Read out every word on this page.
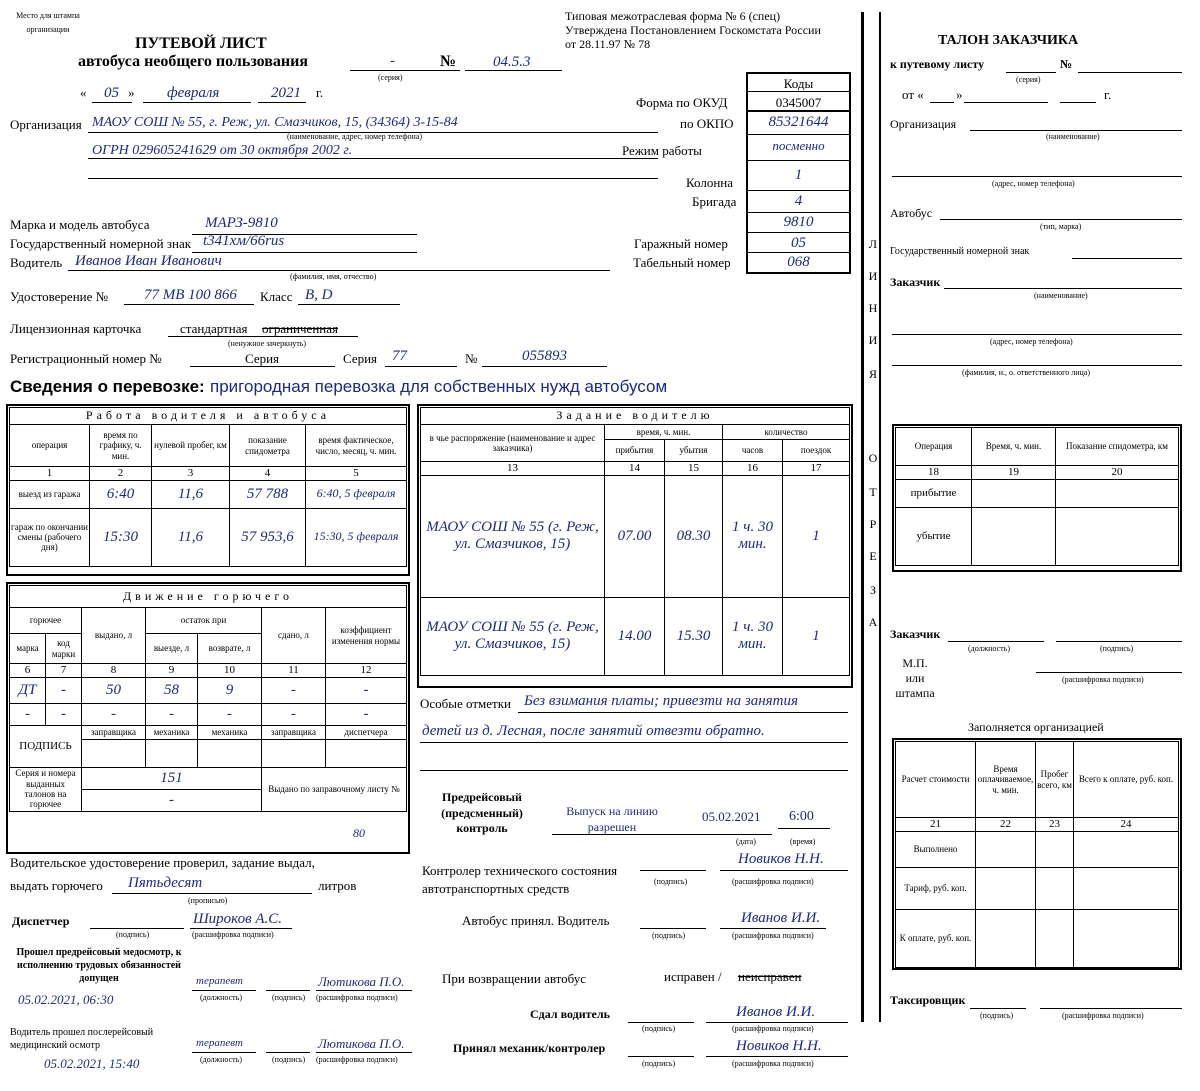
Место для штампа
организации
Типовая межотраслевая форма № 6 (спец)
Утверждена Постановлением Госкомстата России
от 28.11.97 № 78
ПУТЕВОЙ ЛИСТ
автобуса необщего пользования	-
(серия)
№ 04.5.3
« 05 » февраля	2021 г.
Коды
Форма по ОКУД	0345007
по ОКПО	85321644
Режим работы	посменно
Колонна	1
Бригада	4
9810
Гаражный номер	05
Табельный номер	068
Организация МАОУ СОШ № 55, г. Реж, ул. Смазчиков, 15, (34364) 3-15-84
(наименование, адрес, номер телефона)
ОГРН 029605241629 от 30 октября 2002 г.
Марка и модель автобуса	МАРЗ-9810
Государственный номерной знак t341хм/66rus
Водитель Иванов Иван Иванович
(фамилия, имя, отчество)
Удостоверение № 77 МВ 100 866 Класс B, D
Лицензионная карточка	стандартная ограниченная
(ненужное зачеркнуть)
Регистрационный номер №	Серия	Серия 77	№	055893
Сведения о перевозке: пригородная перевозка для собственных нужд автобусом
Работа водителя и автобуса				
операция	время по графику, ч. мин.	нулевой пробег, км	показание спидометра	время фактическое, число, месяц, ч. мин.
1	2	3	4	5
выезд из гаража	6:40	11,6	57 788	6:40, 5 февраля
гараж по окончании смены (рабочего дня)	15:30	11,6	57 953,6	15:30, 5 февраля
Задание водителю				
в чье распоряжение (наименование и адрес заказчика)	время, ч. мин.		количество	
	прибытия	убытия	часов	поездок
13	14	15	16	17
МАОУ СОШ № 55 (г. Реж, ул. Смазчиков, 15)	07.00	08.30	1 ч. 30 мин.	1
МАОУ СОШ № 55 (г. Реж, ул. Смазчиков, 15)	14.00	15.30	1 ч. 30 мин.	1
Движение горючего						
горючее		выдано, л	остаток при		сдано, л	коэффициент изменения нормы
марка	код марки		выезде, л	возврате, л		
6	7	8	9	10	11	12
ДТ	-	50	58	9	-	-
-	-	-	-	-	-	-
ПОДПИСЬ		заправщика	механика	механика	заправщика	диспетчера

Серия и номера выданных талонов на горючее		151			Выдано по заправочному листу №	
		-				
80
Особые отметки Без взимания платы; привезти на занятия
детей из д. Лесная, после занятий отвезти обратно.
Предрейсовый (предсменный) контроль
Выпуск на линию разрешен
05.02.2021 6:00
(дата)	(время)
Контролер технического состояния автотранспортных средств	(подпись)
Новиков Н.Н.
(расшифровка подписи)
Автобус принял. Водитель
(подпись)
Иванов И.И.
(расшифровка подписи)
При возвращении автобус	исправен / неисправен
Сдал водитель
(подпись)
Иванов И.И.
(расшифровка подписи)
Принял механик/контролер
(подпись)
Новиков Н.Н.
(расшифровка подписи)
Водительское удостоверение проверил, задание выдал,
выдать горючего Пятьдесят	литров
(прописью)
Диспетчер
(подпись)
Широков А.С.
(расшифровка подписи)
Прошел предрейсовый медосмотр, к исполнению трудовых обязанностей допущен
05.02.2021, 06:30
терапевт
(должность)	(подпись)
Лютикова П.О.
(расшифровка подписи)
Водитель прошел послерейсовый медицинский осмотр
05.02.2021, 15:40
терапевт
(должность)	(подпись)
Лютикова П.О.
(расшифровка подписи)
Л
И
Н
И
Я
О
Т
Р
Е
З
А
ТАЛОН ЗАКАЗЧИКА
к путевому листу
(серия)
№
от « »	г.
Организация
(наименование)
(адрес, номер телефона)
Автобус
(тип, марка)
Государственный номерной знак
Заказчик
(наименование)
(адрес, номер телефона)
(фамилия, и., о. ответственного лица)
Операция	Время, ч. мин.	Показание спидометра, км
18	19	20
прибытие		
убытие		
Заказчик
(должность)	(подпись)
М.П. или штампа
(расшифровка подписи)
Заполняется организацией
Расчет стоимости	Время оплачиваемое, ч. мин.	Пробег всего, км	Всего к оплате, руб. коп.
21	22	23	24
Выполнено			
Тариф, руб. коп.			
К оплате, руб. коп.			
Таксировщик
(подпись)	(расшифровка подписи)
